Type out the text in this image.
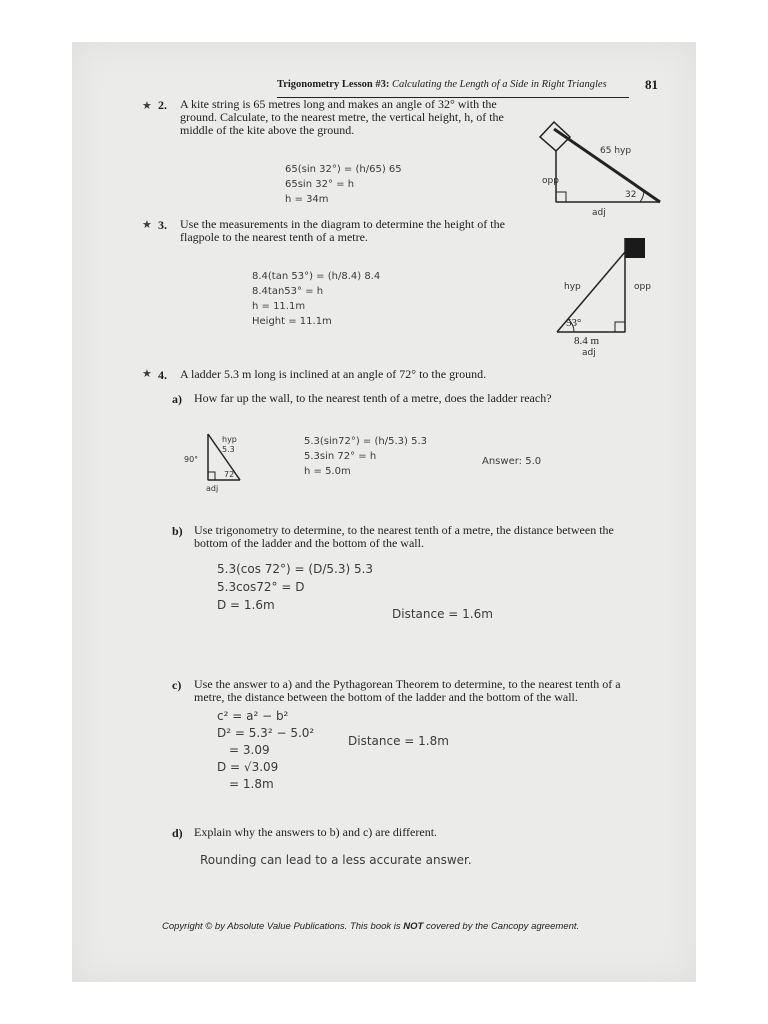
Trigonometry Lesson #3: Calculating the Length of a Side in Right Triangles	81
★ 2. A kite string is 65 metres long and makes an angle of 32° with the
ground. Calculate, to the nearest metre, the vertical height, h, of the
middle of the kite above the ground.
65(sin 32°) = (h/65) 65
65sin 32° = h
h = 34m
65 hyp
opp
32
adj
★ 3. Use the measurements in the diagram to determine the height of the
flagpole to the nearest tenth of a metre.
8.4(tan 53°) = (h/8.4) 8.4
8.4tan53° = h
h = 11.1m
Height = 11.1m
hyp	opp
53°
8.4 m
adj
★ 4. A ladder 5.3 m long is inclined at an angle of 72° to the ground.
a) How far up the wall, to the nearest tenth of a metre, does the ladder reach?
hyp
5.3
90°
72
adj
5.3(sin72°) = (h/5.3) 5.3
5.3sin 72° = h
h = 5.0m
Answer: 5.0
b) Use trigonometry to determine, to the nearest tenth of a metre, the distance between the
bottom of the ladder and the bottom of the wall.
5.3(cos 72°) = (D/5.3) 5.3
5.3cos72° = D
D = 1.6m
Distance = 1.6m
c) Use the answer to a) and the Pythagorean Theorem to determine, to the nearest tenth of a
metre, the distance between the bottom of the ladder and the bottom of the wall.
c² = a² − b²
D² = 5.3² − 5.0²
= 3.09
D = √3.09
= 1.8m
Distance = 1.8m
d) Explain why the answers to b) and c) are different.
Rounding can lead to a less accurate answer.
Copyright © by Absolute Value Publications. This book is NOT covered by the Cancopy agreement.
